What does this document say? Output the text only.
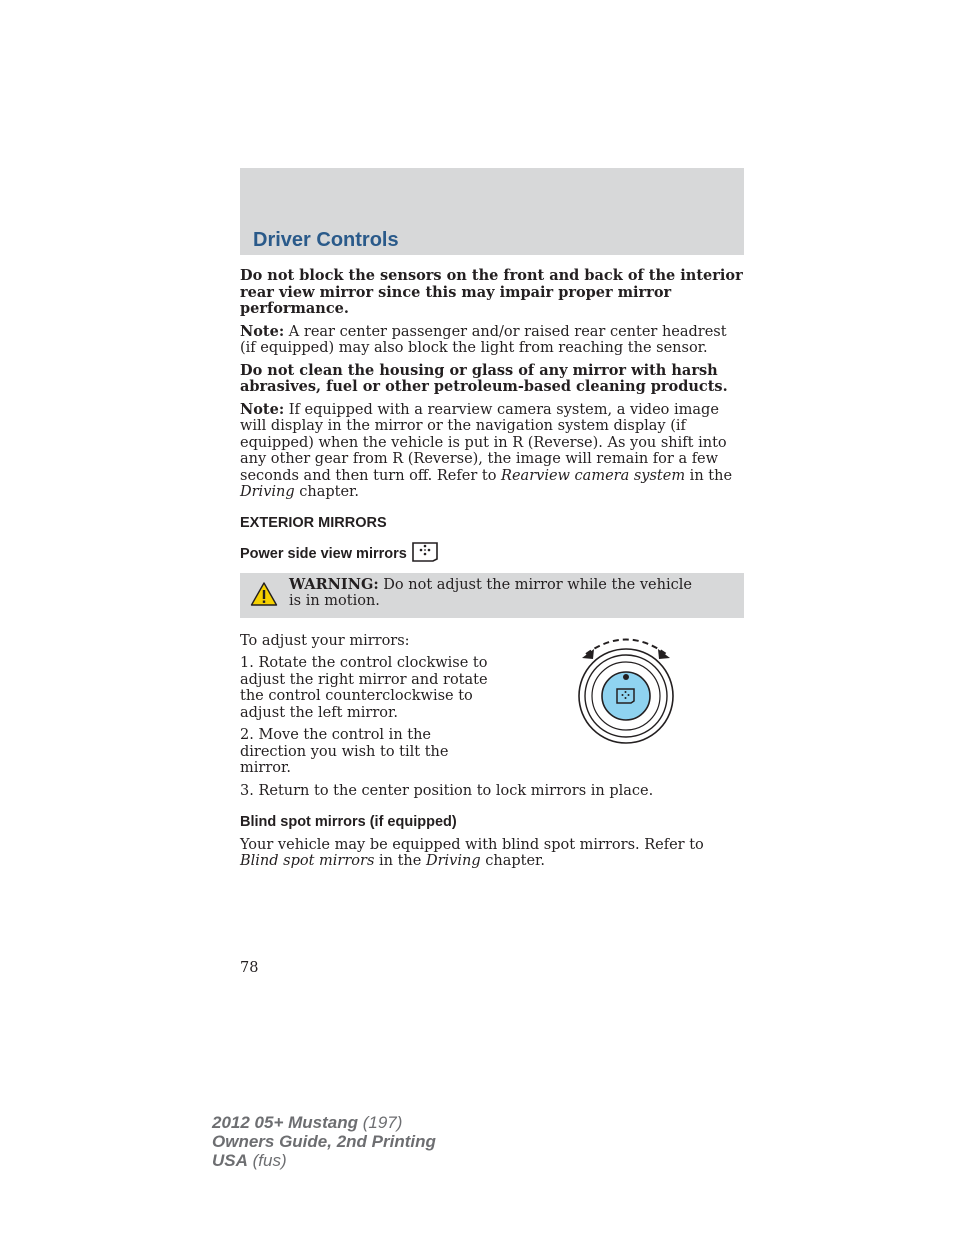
Driver Controls

Do not block the sensors on the front and back of the interior rear view mirror since this may impair proper mirror performance.

Note: A rear center passenger and/or raised rear center headrest (if equipped) may also block the light from reaching the sensor.

Do not clean the housing or glass of any mirror with harsh abrasives, fuel or other petroleum-based cleaning products.

Note: If equipped with a rearview camera system, a video image will display in the mirror or the navigation system display (if equipped) when the vehicle is put in R (Reverse). As you shift into any other gear from R (Reverse), the image will remain for a few seconds and then turn off. Refer to Rearview camera system in the Driving chapter.

EXTERIOR MIRRORS

Power side view mirrors

WARNING: Do not adjust the mirror while the vehicle is in motion.

To adjust your mirrors:

1. Rotate the control clockwise to adjust the right mirror and rotate the control counterclockwise to adjust the left mirror.

2. Move the control in the direction you wish to tilt the mirror.

3. Return to the center position to lock mirrors in place.

Blind spot mirrors (if equipped)

Your vehicle may be equipped with blind spot mirrors. Refer to Blind spot mirrors in the Driving chapter.

78
2012 05+ Mustang (197)
Owners Guide, 2nd Printing
USA (fus)
